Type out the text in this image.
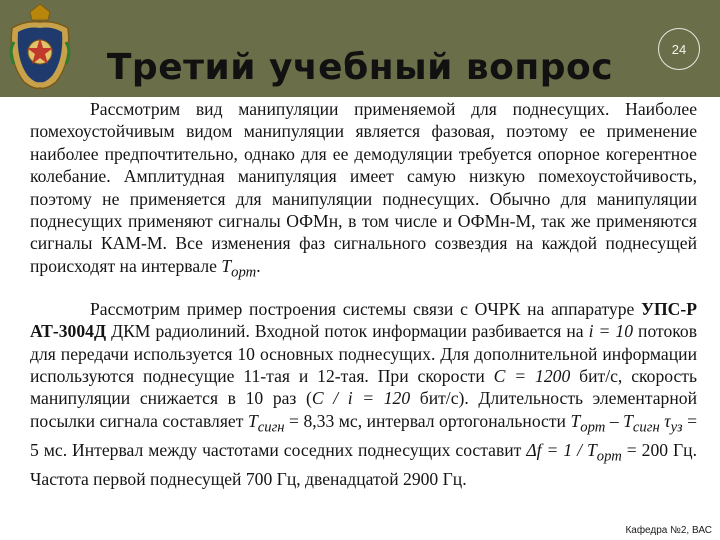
Третий учебный вопрос	24

Рассмотрим вид манипуляции применяемой для поднесущих. Наиболее помехоустойчивым видом манипуляции является фазовая, поэтому ее применение наиболее предпочтительно, однако для ее демодуляции требуется опорное когерентное колебание. Амплитудная манипуляция имеет самую низкую помехоустойчивость, поэтому не применяется для манипуляции поднесущих. Обычно для манипуляции поднесущих применяют сигналы ОФМн, в том числе и ОФМн-М, так же применяются сигналы КАМ-М. Все изменения фаз сигнального созвездия на каждой поднесущей происходят на интервале $T_{орт}$.

Рассмотрим пример построения системы связи с OЧРК на аппаратуре УПС-Р АТ-3004Д ДКМ радиолиний. Входной поток информации разбивается на i = 10 потоков для передачи используется 10 основных поднесущих. Для дополнительной информации используются поднесущие 11-тая и 12-тая. При скорости C = 1200 бит/с, скорость манипуляции снижается в 10 раз (C / i = 120 бит/с). Длительность элементарной посылки сигнала составляет $T_{сигн} = 8,33$ мс, интервал ортогональности $T_{орт} - T_{сигн}$ $\tau_{уз} = 5$ мс. Интервал между частотами соседних поднесущих составит $\Delta f = 1 / T_{орт} = 200$ Гц. Частота первой поднесущей 700 Гц, двенадцатой 2900 Гц.

Кафедра №2, ВАС
